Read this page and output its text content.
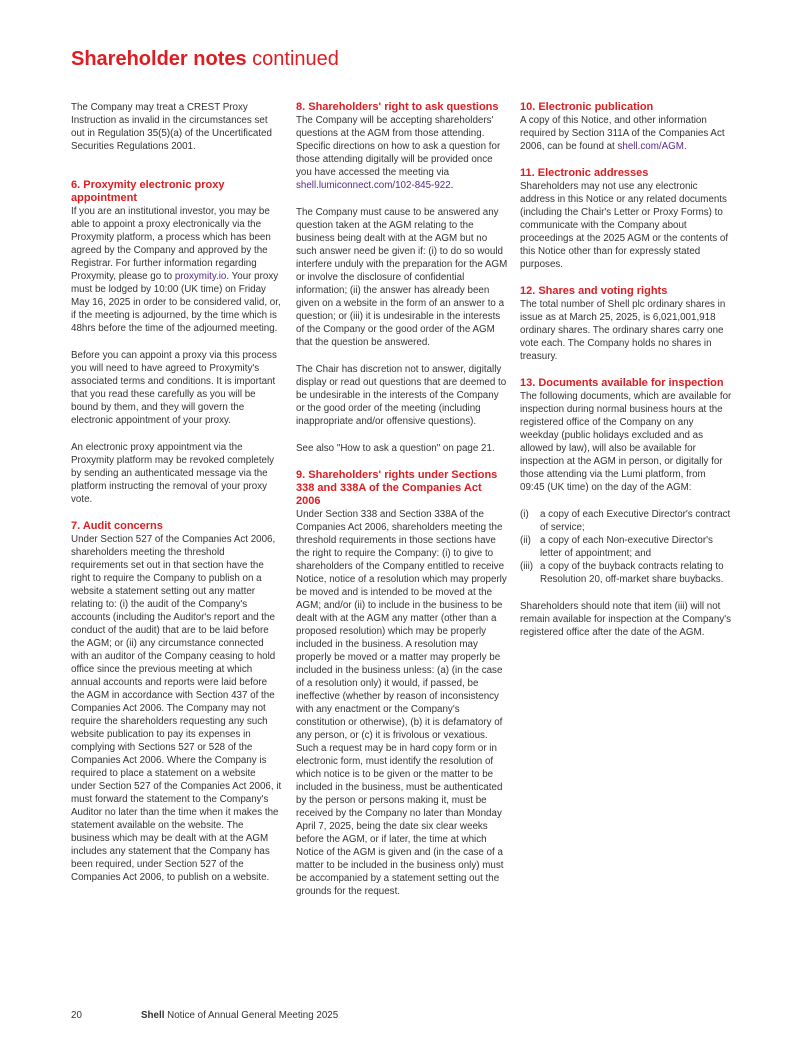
Shareholder notes continued

The Company may treat a CREST Proxy Instruction as invalid in the circumstances set out in Regulation 35(5)(a) of the Uncertificated Securities Regulations 2001.

6. Proxymity electronic proxy appointment

If you are an institutional investor, you may be able to appoint a proxy electronically via the Proxymity platform, a process which has been agreed by the Company and approved by the Registrar. For further information regarding Proxymity, please go to proxymity.io. Your proxy must be lodged by 10:00 (UK time) on Friday May 16, 2025 in order to be considered valid, or, if the meeting is adjourned, by the time which is 48hrs before the time of the adjourned meeting.

Before you can appoint a proxy via this process you will need to have agreed to Proxymity's associated terms and conditions. It is important that you read these carefully as you will be bound by them, and they will govern the electronic appointment of your proxy.

An electronic proxy appointment via the Proxymity platform may be revoked completely by sending an authenticated message via the platform instructing the removal of your proxy vote.

7. Audit concerns

Under Section 527 of the Companies Act 2006, shareholders meeting the threshold requirements set out in that section have the right to require the Company to publish on a website a statement setting out any matter relating to: (i) the audit of the Company's accounts (including the Auditor's report and the conduct of the audit) that are to be laid before the AGM; or (ii) any circumstance connected with an auditor of the Company ceasing to hold office since the previous meeting at which annual accounts and reports were laid before the AGM in accordance with Section 437 of the Companies Act 2006. The Company may not require the shareholders requesting any such website publication to pay its expenses in complying with Sections 527 or 528 of the Companies Act 2006. Where the Company is required to place a statement on a website under Section 527 of the Companies Act 2006, it must forward the statement to the Company's Auditor no later than the time when it makes the statement available on the website. The business which may be dealt with at the AGM includes any statement that the Company has been required, under Section 527 of the Companies Act 2006, to publish on a website.

8. Shareholders' right to ask questions

The Company will be accepting shareholders' questions at the AGM from those attending. Specific directions on how to ask a question for those attending digitally will be provided once you have accessed the meeting via shell.lumiconnect.com/102-845-922.

The Company must cause to be answered any question taken at the AGM relating to the business being dealt with at the AGM but no such answer need be given if: (i) to do so would interfere unduly with the preparation for the AGM or involve the disclosure of confidential information; (ii) the answer has already been given on a website in the form of an answer to a question; or (iii) it is undesirable in the interests of the Company or the good order of the AGM that the question be answered.

The Chair has discretion not to answer, digitally display or read out questions that are deemed to be undesirable in the interests of the Company or the good order of the meeting (including inappropriate and/or offensive questions).

See also "How to ask a question" on page 21.

9. Shareholders' rights under Sections 338 and 338A of the Companies Act 2006

Under Section 338 and Section 338A of the Companies Act 2006, shareholders meeting the threshold requirements in those sections have the right to require the Company: (i) to give to shareholders of the Company entitled to receive Notice, notice of a resolution which may properly be moved and is intended to be moved at the AGM; and/or (ii) to include in the business to be dealt with at the AGM any matter (other than a proposed resolution) which may be properly included in the business. A resolution may properly be moved or a matter may properly be included in the business unless: (a) (in the case of a resolution only) it would, if passed, be ineffective (whether by reason of inconsistency with any enactment or the Company's constitution or otherwise), (b) it is defamatory of any person, or (c) it is frivolous or vexatious. Such a request may be in hard copy form or in electronic form, must identify the resolution of which notice is to be given or the matter to be included in the business, must be authenticated by the person or persons making it, must be received by the Company no later than Monday April 7, 2025, being the date six clear weeks before the AGM, or if later, the time at which Notice of the AGM is given and (in the case of a matter to be included in the business only) must be accompanied by a statement setting out the grounds for the request.

10. Electronic publication

A copy of this Notice, and other information required by Section 311A of the Companies Act 2006, can be found at shell.com/AGM.

11. Electronic addresses

Shareholders may not use any electronic address in this Notice or any related documents (including the Chair's Letter or Proxy Forms) to communicate with the Company about proceedings at the 2025 AGM or the contents of this Notice other than for expressly stated purposes.

12. Shares and voting rights

The total number of Shell plc ordinary shares in issue as at March 25, 2025, is 6,021,001,918 ordinary shares. The ordinary shares carry one vote each. The Company holds no shares in treasury.

13. Documents available for inspection

The following documents, which are available for inspection during normal business hours at the registered office of the Company on any weekday (public holidays excluded and as allowed by law), will also be available for inspection at the AGM in person, or digitally for those attending via the Lumi platform, from 09:45 (UK time) on the day of the AGM:

(i)	a copy of each Executive Director's contract of service;
(ii) a copy of each Non-executive Director's letter of appointment; and
(iii) a copy of the buyback contracts relating to Resolution 20, off-market share buybacks.

Shareholders should note that item (iii) will not remain available for inspection at the Company's registered office after the date of the AGM.

20	Shell Notice of Annual General Meeting 2025
